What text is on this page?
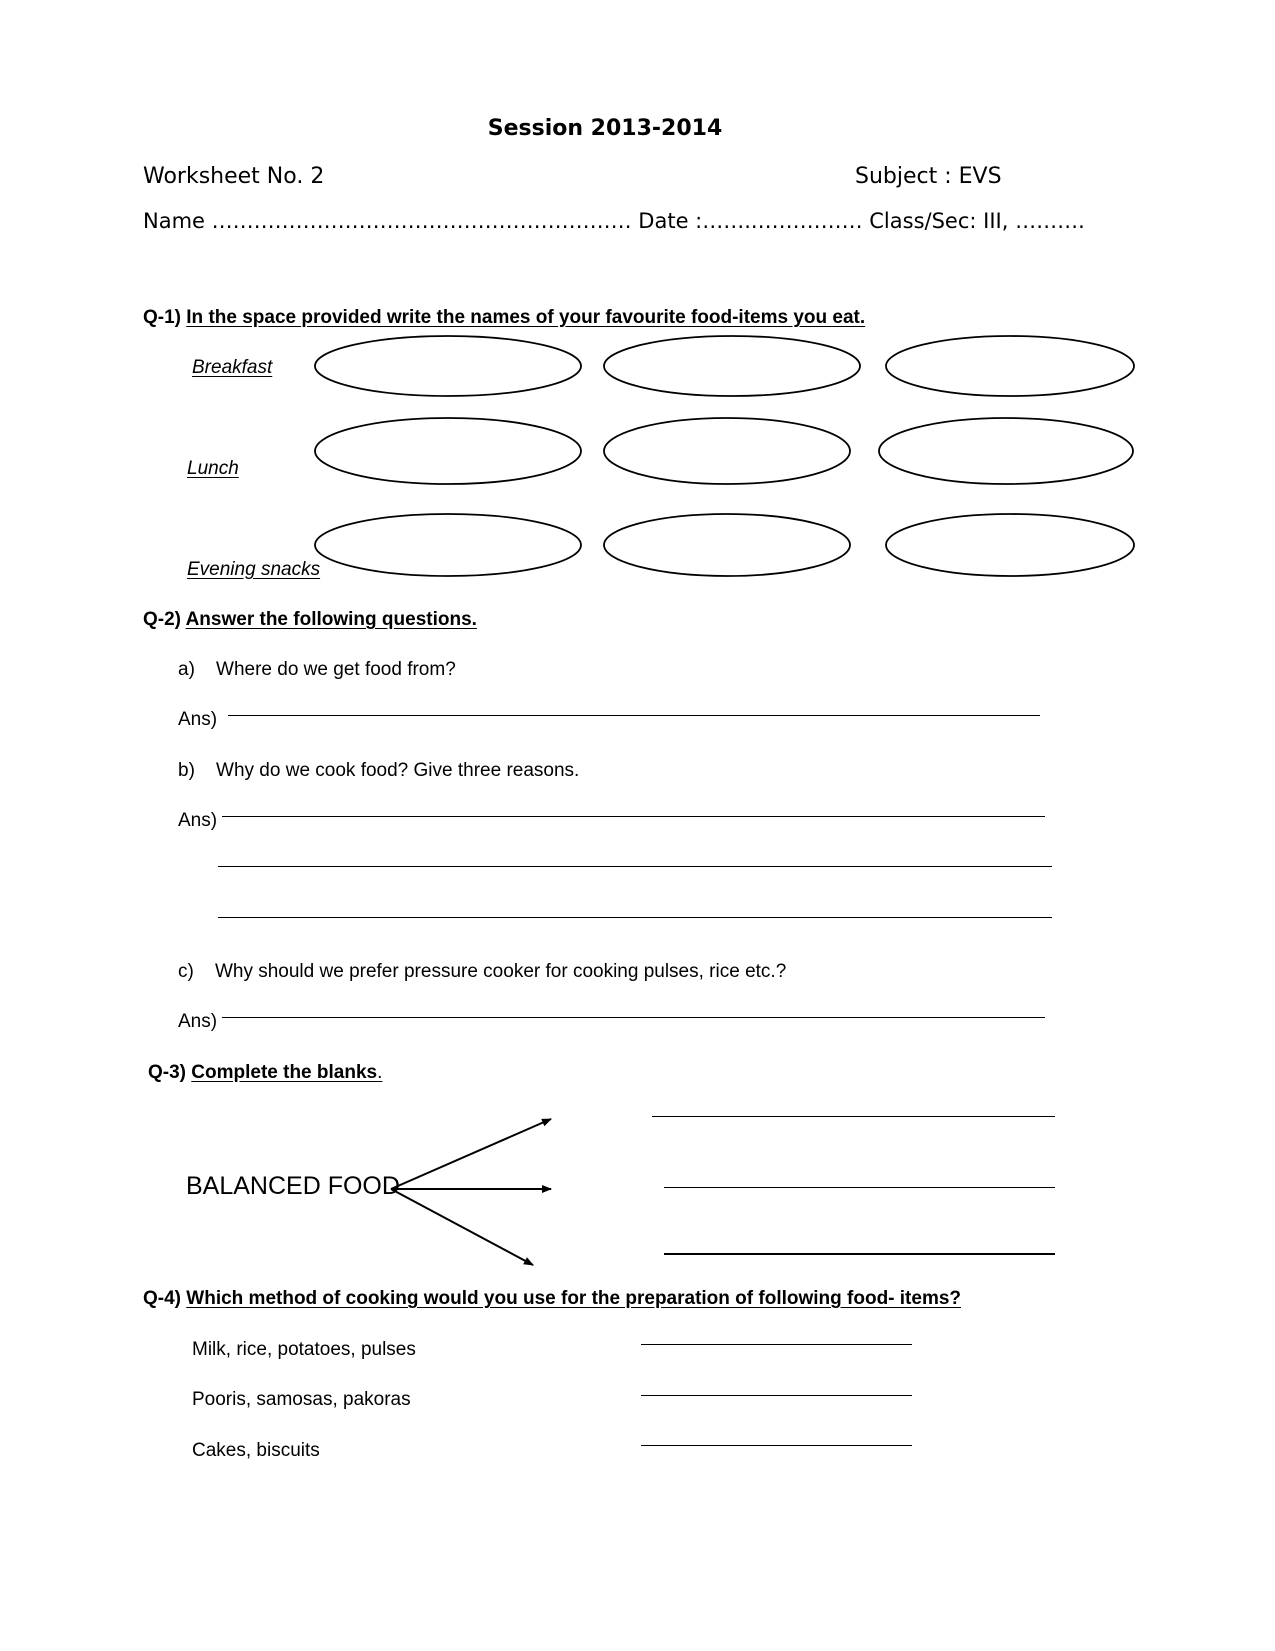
Session 2013-2014
Worksheet No. 2	Subject : EVS
Name …………………………………………………… Date :……..…………… Class/Sec: III, ……….
Q-1) In the space provided write the names of your favourite food-items you eat.
Breakfast
Lunch
Evening snacks
Q-2) Answer the following questions.
a) Where do we get food from?
Ans)
b) Why do we cook food? Give three reasons.
Ans)
c) Why should we prefer pressure cooker for cooking pulses, rice etc.?
Ans)
Q-3) Complete the blanks.
BALANCED FOOD
Q-4) Which method of cooking would you use for the preparation of following food- items?
Milk, rice, potatoes, pulses
Pooris, samosas, pakoras
Cakes, biscuits
